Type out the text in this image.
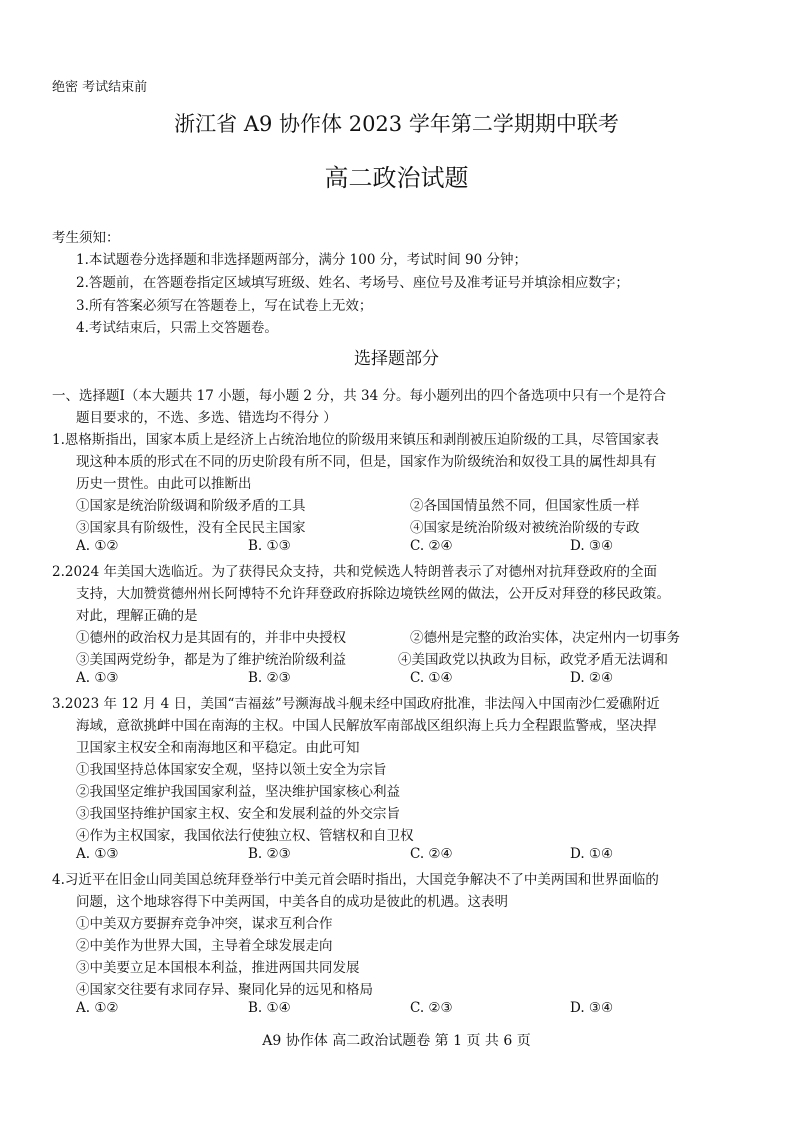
绝密 考试结束前
浙江省 A9 协作体 2023 学年第二学期期中联考
高二政治试题
考生须知：
1.本试题卷分选择题和非选择题两部分，满分 100 分，考试时间 90 分钟；
2.答题前，在答题卷指定区域填写班级、姓名、考场号、座位号及准考证号并填涂相应数字；
3.所有答案必须写在答题卷上，写在试卷上无效；
4.考试结束后，只需上交答题卷。
选择题部分
一、选择题Ⅰ（本大题共 17 小题，每小题 2 分，共 34 分。每小题列出的四个备选项中只有一个是符合
题目要求的，不选、多选、错选均不得分 ）
1.恩格斯指出，国家本质上是经济上占统治地位的阶级用来镇压和剥削被压迫阶级的工具，尽管国家表
现这种本质的形式在不同的历史阶段有所不同，但是，国家作为阶级统治和奴役工具的属性却具有
历史一贯性。由此可以推断出
①国家是统治阶级调和阶级矛盾的工具	②各国国情虽然不同，但国家性质一样
③国家具有阶级性，没有全民民主国家	④国家是统治阶级对被统治阶级的专政
A. ①②	B. ①③	C. ②④	D. ③④
2.2024 年美国大选临近。为了获得民众支持，共和党候选人特朗普表示了对德州对抗拜登政府的全面
支持，大加赞赏德州州长阿博特不允许拜登政府拆除边境铁丝网的做法，公开反对拜登的移民政策。
对此，理解正确的是
①德州的政治权力是其固有的，并非中央授权	②德州是完整的政治实体，决定州内一切事务
③美国两党纷争，都是为了维护统治阶级利益	④美国政党以执政为目标，政党矛盾无法调和
A. ①③	B. ②③	C. ①④	D. ②④
3.2023 年 12 月 4 日，美国“吉福兹”号濒海战斗舰未经中国政府批准，非法闯入中国南沙仁爱礁附近
海域，意欲挑衅中国在南海的主权。中国人民解放军南部战区组织海上兵力全程跟监警戒，坚决捍
卫国家主权安全和南海地区和平稳定。由此可知
①我国坚持总体国家安全观，坚持以领土安全为宗旨
②我国坚定维护我国国家利益，坚决维护国家核心利益
③我国坚持维护国家主权、安全和发展利益的外交宗旨
④作为主权国家，我国依法行使独立权、管辖权和自卫权
A. ①③	B. ②③	C. ②④	D. ①④
4.习近平在旧金山同美国总统拜登举行中美元首会晤时指出，大国竞争解决不了中美两国和世界面临的
问题，这个地球容得下中美两国，中美各自的成功是彼此的机遇。这表明
①中美双方要摒弃竞争冲突，谋求互利合作
②中美作为世界大国，主导着全球发展走向
③中美要立足本国根本利益，推进两国共同发展
④国家交往要有求同存异、聚同化异的远见和格局
A. ①②	B. ①④	C. ②③	D. ③④
A9 协作体 高二政治试题卷 第 1 页 共 6 页
